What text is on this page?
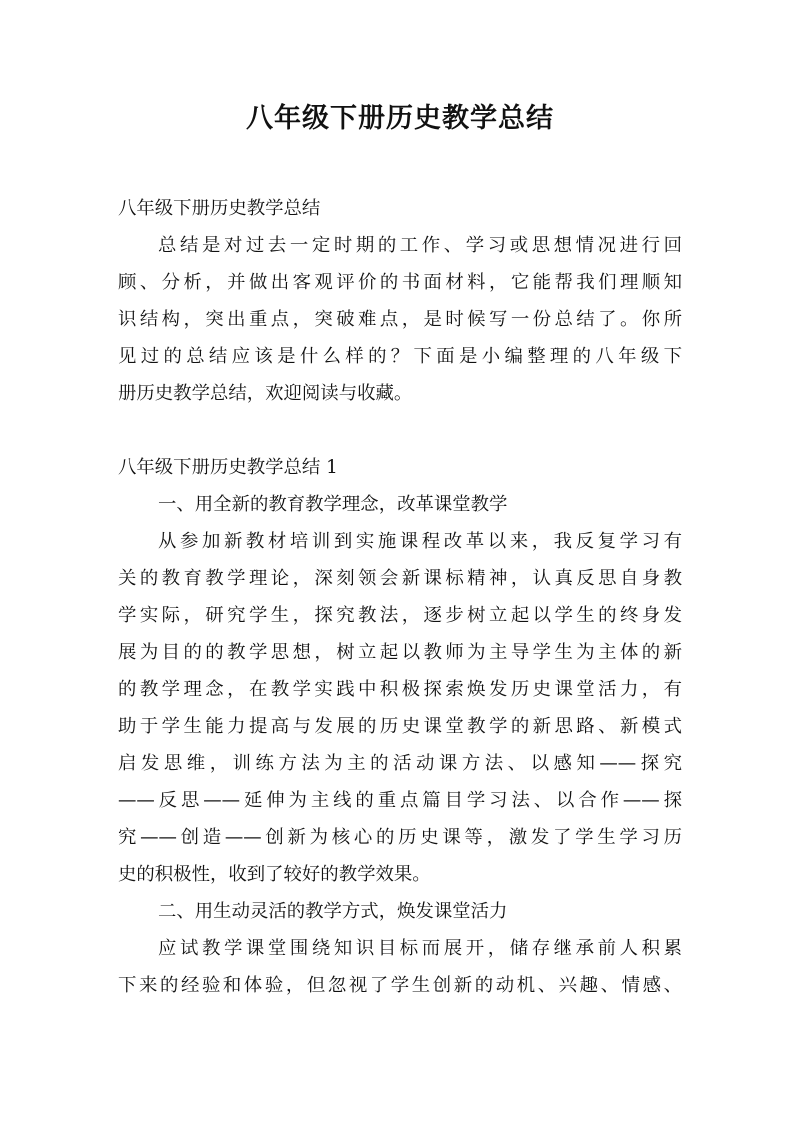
八年级下册历史教学总结
八年级下册历史教学总结
总结是对过去一定时期的工作、学习或思想情况进行回
顾、分析，并做出客观评价的书面材料，它能帮我们理顺知
识结构，突出重点，突破难点，是时候写一份总结了。你所
见过的总结应该是什么样的？下面是小编整理的八年级下
册历史教学总结，欢迎阅读与收藏。
八年级下册历史教学总结 1
一、用全新的教育教学理念，改革课堂教学
从参加新教材培训到实施课程改革以来，我反复学习有
关的教育教学理论，深刻领会新课标精神，认真反思自身教
学实际，研究学生，探究教法，逐步树立起以学生的终身发
展为目的的教学思想，树立起以教师为主导学生为主体的新
的教学理念，在教学实践中积极探索焕发历史课堂活力，有
助于学生能力提高与发展的历史课堂教学的新思路、新模式
启发思维，训练方法为主的活动课方法、以感知——探究
——反思——延伸为主线的重点篇目学习法、以合作——探
究——创造——创新为核心的历史课等，激发了学生学习历
史的积极性，收到了较好的教学效果。
二、用生动灵活的教学方式，焕发课堂活力
应试教学课堂围绕知识目标而展开，储存继承前人积累
下来的经验和体验，但忽视了学生创新的动机、兴趣、情感、
